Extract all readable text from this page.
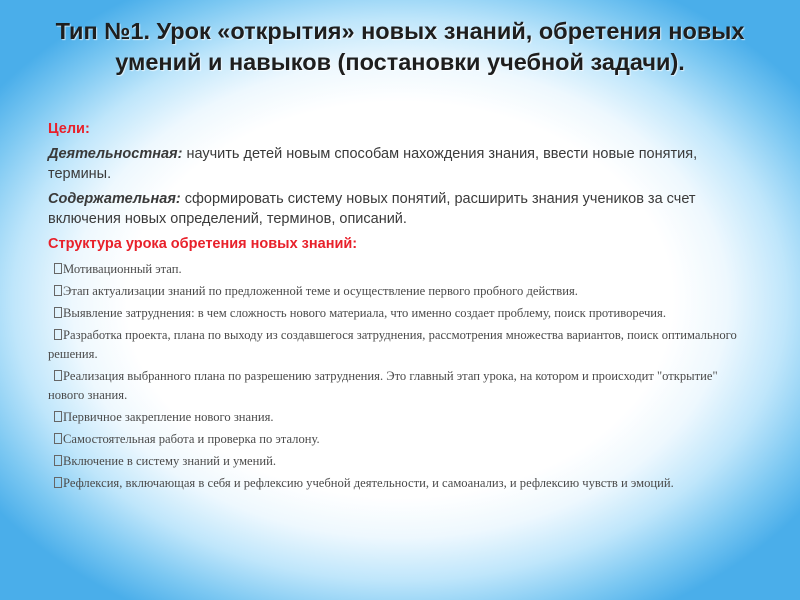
Тип №1. Урок «открытия» новых знаний, обретения новых умений и навыков (постановки учебной задачи).
Цели:
Деятельностная: научить детей новым способам нахождения знания, ввести новые понятия, термины.
Содержательная: сформировать систему новых понятий, расширить знания учеников за счет включения новых определений, терминов, описаний.
Структура урока обретения новых знаний:
Мотивационный этап.
Этап актуализации знаний по предложенной теме и осуществление первого пробного действия.
Выявление затруднения: в чем сложность нового материала, что именно создает проблему, поиск противоречия.
Разработка проекта, плана по выходу из создавшегося затруднения, рассмотрения множества вариантов, поиск оптимального решения.
Реализация выбранного плана по разрешению затруднения. Это главный этап урока, на котором и происходит "открытие" нового знания.
Первичное закрепление нового знания.
Самостоятельная работа и проверка по эталону.
Включение в систему знаний и умений.
Рефлексия, включающая в себя и рефлексию учебной деятельности, и самоанализ, и рефлексию чувств и эмоций.
